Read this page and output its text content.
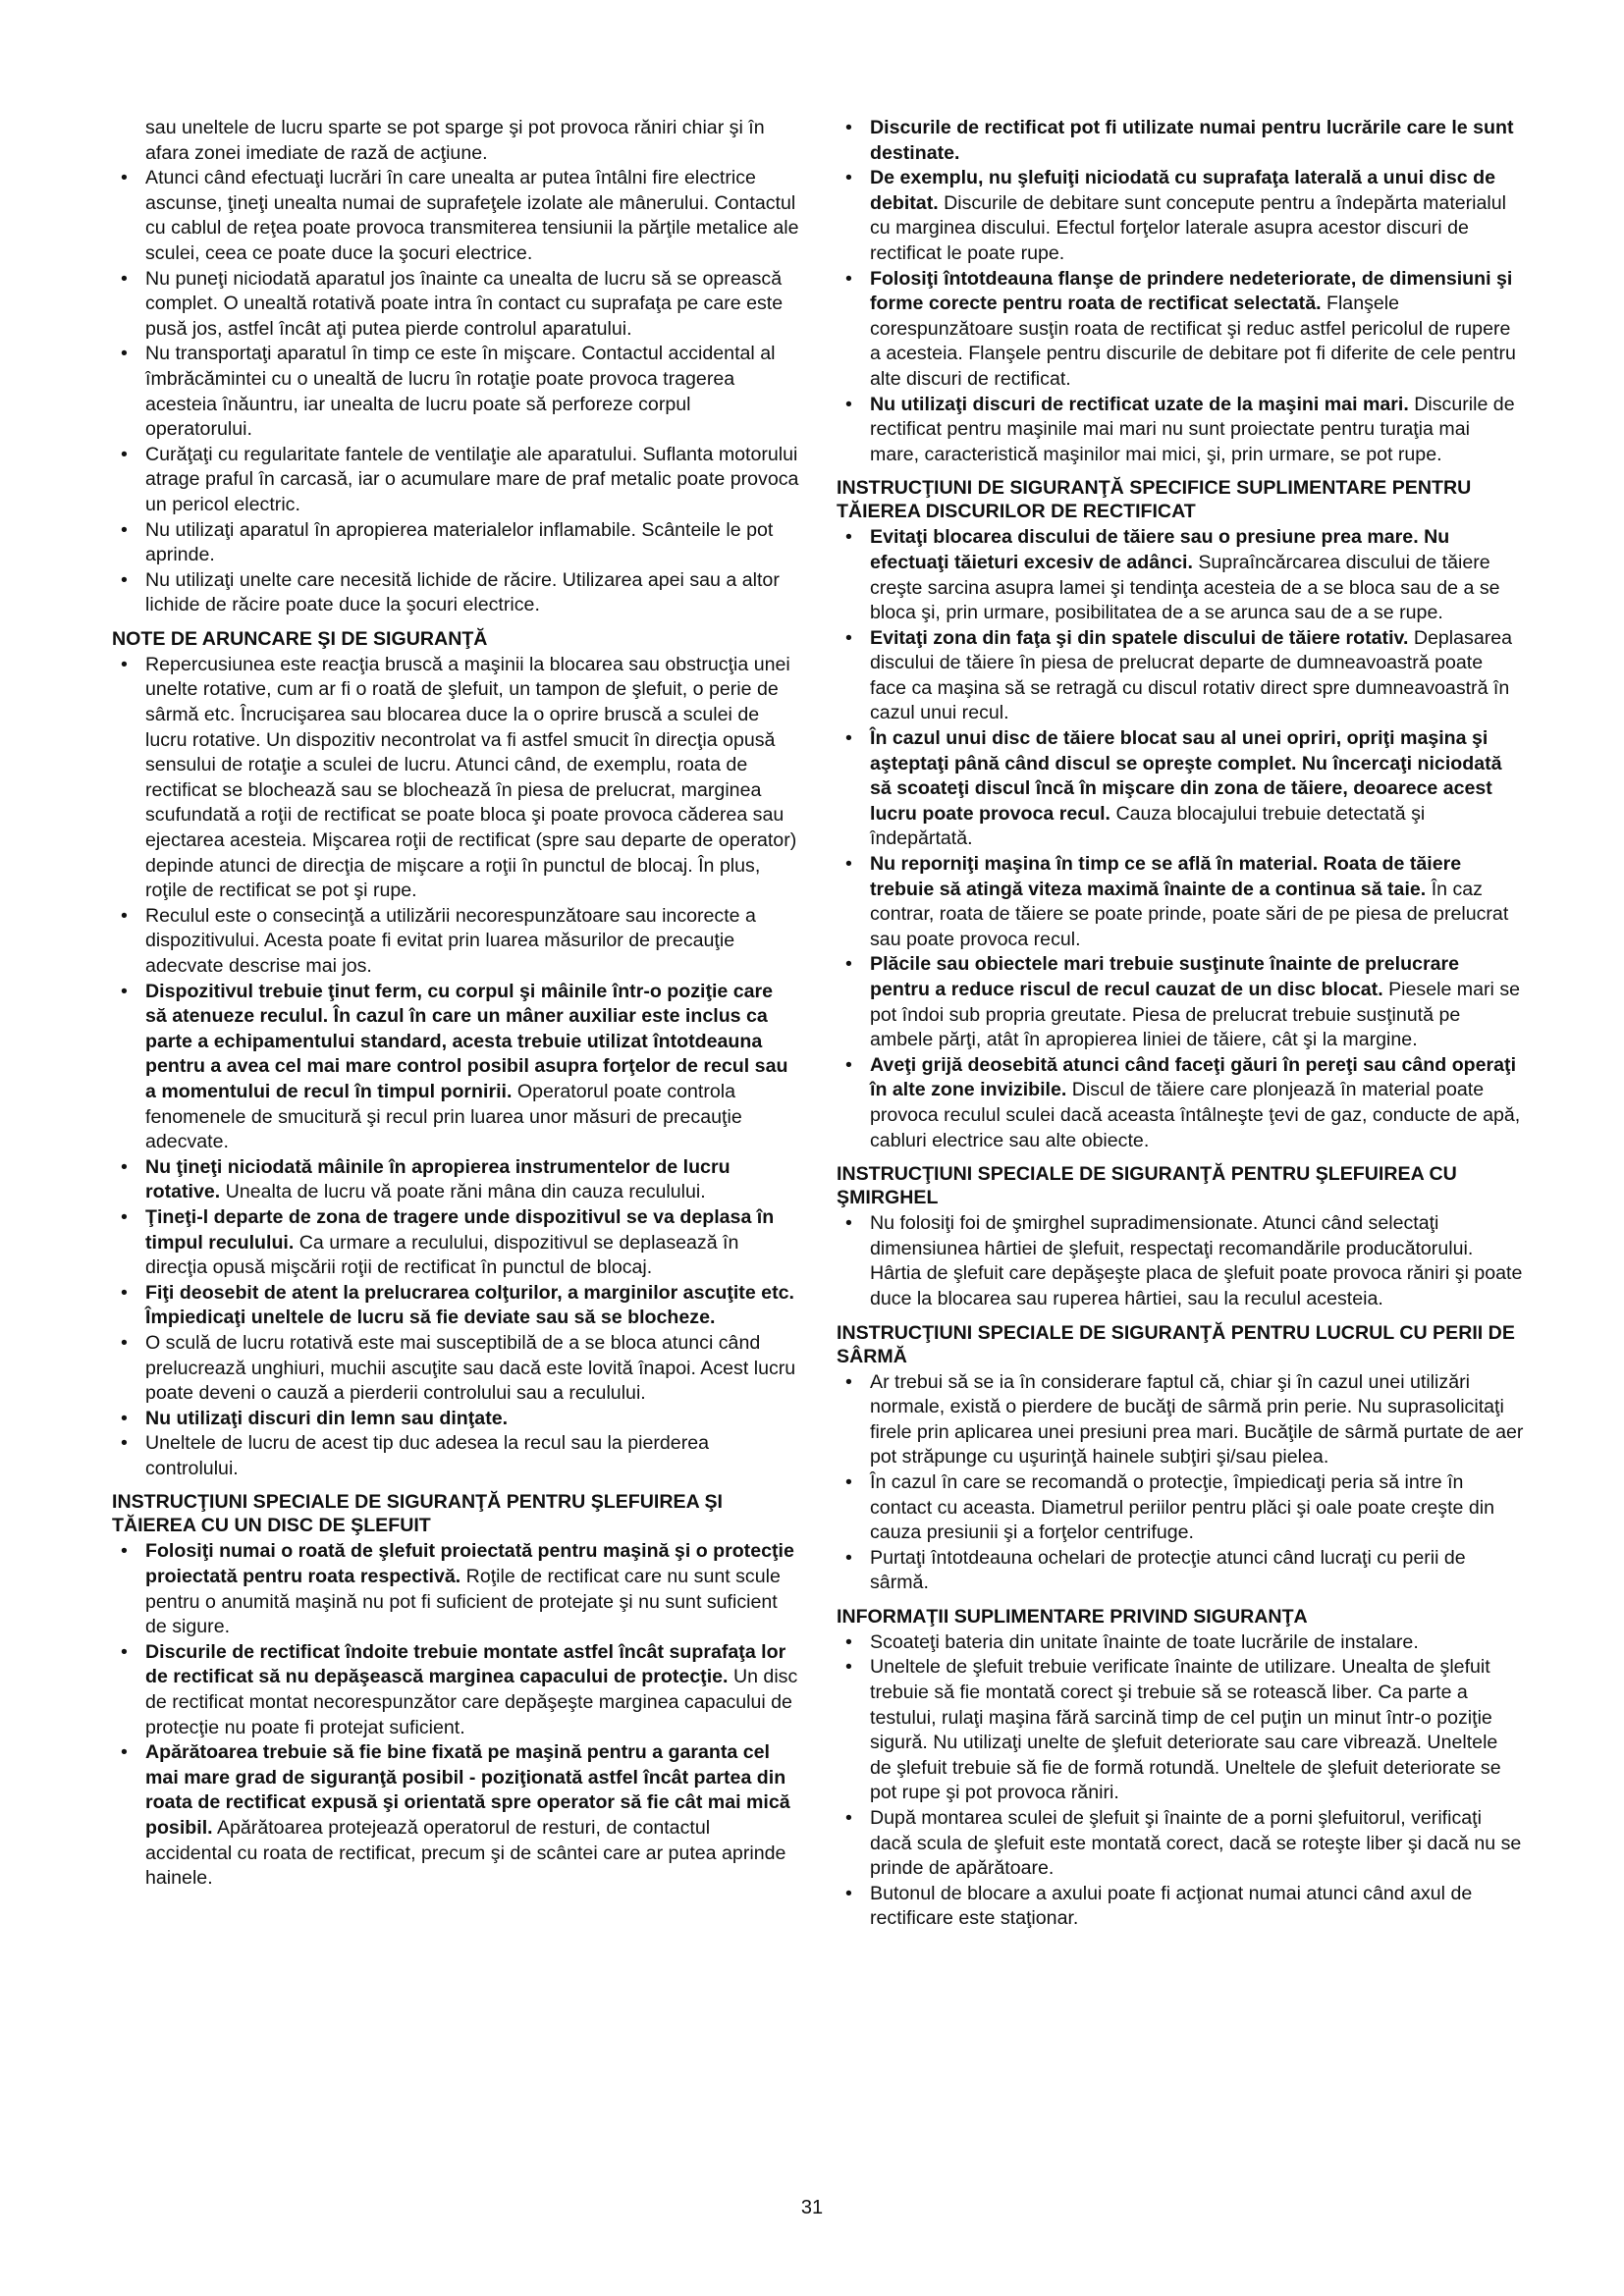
sau uneltele de lucru sparte se pot sparge şi pot provoca răniri chiar şi în afara zonei imediate de rază de acţiune.
• Atunci când efectuaţi lucrări în care unealta ar putea întâlni fire electrice ascunse, ţineţi unealta numai de suprafeţele izolate ale mânerului. Contactul cu cablul de reţea poate provoca transmiterea tensiunii la părţile metalice ale sculei, ceea ce poate duce la şocuri electrice.
• Nu puneţi niciodată aparatul jos înainte ca unealta de lucru să se oprească complet. O unealtă rotativă poate intra în contact cu suprafaţa pe care este pusă jos, astfel încât aţi putea pierde controlul aparatului.
• Nu transportaţi aparatul în timp ce este în mişcare. Contactul accidental al îmbrăcămintei cu o unealtă de lucru în rotaţie poate provoca tragerea acesteia înăuntru, iar unealta de lucru poate să perforeze corpul operatorului.
• Curăţaţi cu regularitate fantele de ventilaţie ale aparatului. Suflanta motorului atrage praful în carcasă, iar o acumulare mare de praf metalic poate provoca un pericol electric.
• Nu utilizaţi aparatul în apropierea materialelor inflamabile. Scânteile le pot aprinde.
• Nu utilizaţi unelte care necesită lichide de răcire. Utilizarea apei sau a altor lichide de răcire poate duce la şocuri electrice.

NOTE DE ARUNCARE ŞI DE SIGURANŢĂ

• Repercusiunea este reacţia bruscă a maşinii la blocarea sau obstrucţia unei unelte rotative, cum ar fi o roată de şlefuit, un tampon de şlefuit, o perie de sârmă etc. Încrucişarea sau blocarea duce la o oprire bruscă a sculei de lucru rotative. Un dispozitiv necontrolat va fi astfel smucit în direcţia opusă sensului de rotaţie a sculei de lucru. Atunci când, de exemplu, roata de rectificat se blochează sau se blochează în piesa de prelucrat, marginea scufundată a roţii de rectificat se poate bloca şi poate provoca căderea sau ejectarea acesteia. Mişcarea roţii de rectificat (spre sau departe de operator) depinde atunci de direcţia de mişcare a roţii în punctul de blocaj. În plus, roţile de rectificat se pot şi rupe.
• Reculul este o consecinţă a utilizării necorespunzătoare sau incorecte a dispozitivului. Acesta poate fi evitat prin luarea măsurilor de precauţie adecvate descrise mai jos.
• Dispozitivul trebuie ţinut ferm, cu corpul şi mâinile într-o poziţie care să atenueze reculul. În cazul în care un mâner auxiliar este inclus ca parte a echipamentului standard, acesta trebuie utilizat întotdeauna pentru a avea cel mai mare control posibil asupra forţelor de recul sau a momentului de recul în timpul pornirii. Operatorul poate controla fenomenele de smucitură şi recul prin luarea unor măsuri de precauţie adecvate.
• Nu ţineţi niciodată mâinile în apropierea instrumentelor de lucru rotative. Unealta de lucru vă poate răni mâna din cauza reculului.
• Ţineţi-l departe de zona de tragere unde dispozitivul se va deplasa în timpul reculului. Ca urmare a reculului, dispozitivul se deplasează în direcţia opusă mişcării roţii de rectificat în punctul de blocaj.
• Fiţi deosebit de atent la prelucrarea colţurilor, a marginilor ascuţite etc. Împiedicaţi uneltele de lucru să fie deviate sau să se blocheze.
• O sculă de lucru rotativă este mai susceptibilă de a se bloca atunci când prelucrează unghiuri, muchii ascuţite sau dacă este lovită înapoi. Acest lucru poate deveni o cauză a pierderii controlului sau a reculului.
• Nu utilizaţi discuri din lemn sau dinţate.
• Uneltele de lucru de acest tip duc adesea la recul sau la pierderea controlului.

INSTRUCŢIUNI SPECIALE DE SIGURANŢĂ PENTRU ŞLEFUIREA ŞI TĂIEREA CU UN DISC DE ŞLEFUIT

• Folosiţi numai o roată de şlefuit proiectată pentru maşină şi o protecţie proiectată pentru roata respectivă. Roţile de rectificat care nu sunt scule pentru o anumită maşină nu pot fi suficient de protejate şi nu sunt suficient de sigure.
• Discurile de rectificat îndoite trebuie montate astfel încât suprafaţa lor de rectificat să nu depăşească marginea capacului de protecţie. Un disc de rectificat montat necorespunzător care depăşeşte marginea capacului de protecţie nu poate fi protejat suficient.
• Apărătoarea trebuie să fie bine fixată pe maşină pentru a garanta cel mai mare grad de siguranţă posibil - poziţionată astfel încât partea din roata de rectificat expusă şi orientată spre operator să fie cât mai mică posibil. Apărătoarea protejează operatorul de resturi, de contactul accidental cu roata de rectificat, precum şi de scântei care ar putea aprinde hainele.
• Discurile de rectificat pot fi utilizate numai pentru lucrările care le sunt destinate.
• De exemplu, nu şlefuiţi niciodată cu suprafaţa laterală a unui disc de debitat. Discurile de debitare sunt concepute pentru a îndepărta materialul cu marginea discului. Efectul forţelor laterale asupra acestor discuri de rectificat le poate rupe.
• Folosiţi întotdeauna flanşe de prindere nedeteriorate, de dimensiuni şi forme corecte pentru roata de rectificat selectată. Flanşele corespunzătoare susţin roata de rectificat şi reduc astfel pericolul de rupere a acesteia. Flanşele pentru discurile de debitare pot fi diferite de cele pentru alte discuri de rectificat.
• Nu utilizaţi discuri de rectificat uzate de la maşini mai mari. Discurile de rectificat pentru maşinile mai mari nu sunt proiectate pentru turaţia mai mare, caracteristică maşinilor mai mici, şi, prin urmare, se pot rupe.

INSTRUCŢIUNI DE SIGURANŢĂ SPECIFICE SUPLIMENTARE PENTRU TĂIEREA DISCURILOR DE RECTIFICAT

• Evitaţi blocarea discului de tăiere sau o presiune prea mare. Nu efectuaţi tăieturi excesiv de adânci. Supraîncărcarea discului de tăiere creşte sarcina asupra lamei şi tendinţa acesteia de a se bloca sau de a se bloca şi, prin urmare, posibilitatea de a se arunca sau de a se rupe.
• Evitaţi zona din faţa şi din spatele discului de tăiere rotativ. Deplasarea discului de tăiere în piesa de prelucrat departe de dumneavoastră poate face ca maşina să se retragă cu discul rotativ direct spre dumneavoastră în cazul unui recul.
• În cazul unui disc de tăiere blocat sau al unei opriri, opriţi maşina şi aşteptaţi până când discul se opreşte complet. Nu încercaţi niciodată să scoateţi discul încă în mişcare din zona de tăiere, deoarece acest lucru poate provoca recul. Cauza blocajului trebuie detectată şi îndepărtată.
• Nu reporniţi maşina în timp ce se află în material. Roata de tăiere trebuie să atingă viteza maximă înainte de a continua să taie. În caz contrar, roata de tăiere se poate prinde, poate sări de pe piesa de prelucrat sau poate provoca recul.
• Plăcile sau obiectele mari trebuie susţinute înainte de prelucrare pentru a reduce riscul de recul cauzat de un disc blocat. Piesele mari se pot îndoi sub propria greutate. Piesa de prelucrat trebuie susţinută pe ambele părţi, atât în apropierea liniei de tăiere, cât şi la margine.
• Aveţi grijă deosebită atunci când faceţi găuri în pereţi sau când operaţi în alte zone invizibile. Discul de tăiere care plonjează în material poate provoca reculul sculei dacă aceasta întâlneşte ţevi de gaz, conducte de apă, cabluri electrice sau alte obiecte.

INSTRUCŢIUNI SPECIALE DE SIGURANŢĂ PENTRU ŞLEFUIREA CU ŞMIRGHEL

• Nu folosiţi foi de şmirghel supradimensionate. Atunci când selectaţi dimensiunea hârtiei de şlefuit, respectaţi recomandările producătorului. Hârtia de şlefuit care depăşeşte placa de şlefuit poate provoca răniri şi poate duce la blocarea sau ruperea hârtiei, sau la reculul acesteia.

INSTRUCŢIUNI SPECIALE DE SIGURANŢĂ PENTRU LUCRUL CU PERII DE SÂRMĂ

• Ar trebui să se ia în considerare faptul că, chiar şi în cazul unei utilizări normale, există o pierdere de bucăţi de sârmă prin perie. Nu suprasolicitaţi firele prin aplicarea unei presiuni prea mari. Bucăţile de sârmă purtate de aer pot străpunge cu uşurinţă hainele subţiri şi/sau pielea.
• În cazul în care se recomandă o protecţie, împiedicaţi peria să intre în contact cu aceasta. Diametrul periilor pentru plăci şi oale poate creşte din cauza presiunii şi a forţelor centrifuge.
• Purtaţi întotdeauna ochelari de protecţie atunci când lucraţi cu perii de sârmă.

INFORMAŢII SUPLIMENTARE PRIVIND SIGURANŢA

• Scoateţi bateria din unitate înainte de toate lucrările de instalare.
• Uneltele de şlefuit trebuie verificate înainte de utilizare. Unealta de şlefuit trebuie să fie montată corect şi trebuie să se rotească liber. Ca parte a testului, rulaţi maşina fără sarcină timp de cel puţin un minut într-o poziţie sigură. Nu utilizaţi unelte de şlefuit deteriorate sau care vibrează. Uneltele de şlefuit trebuie să fie de formă rotundă. Uneltele de şlefuit deteriorate se pot rupe şi pot provoca răniri.
• După montarea sculei de şlefuit şi înainte de a porni şlefuitorul, verificaţi dacă scula de şlefuit este montată corect, dacă se roteşte liber şi dacă nu se prinde de apărătoare.
• Butonul de blocare a axului poate fi acţionat numai atunci când axul de rectificare este staţionar.
31
